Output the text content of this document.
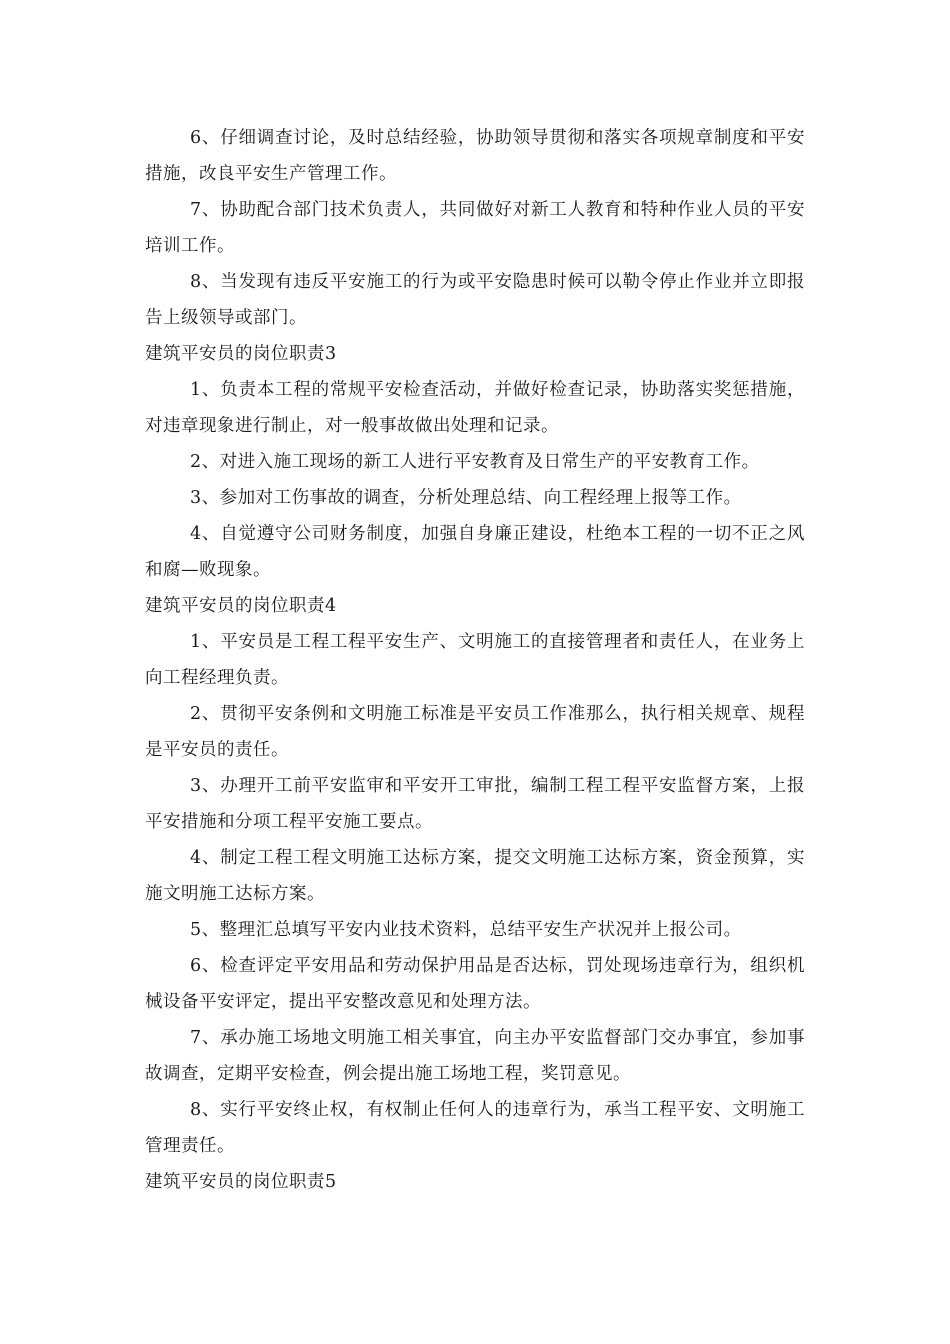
6、仔细调查讨论，及时总结经验，协助领导贯彻和落实各项规章制度和平安措施，改良平安生产管理工作。

7、协助配合部门技术负责人，共同做好对新工人教育和特种作业人员的平安培训工作。

8、当发现有违反平安施工的行为或平安隐患时候可以勒令停止作业并立即报告上级领导或部门。

建筑平安员的岗位职责3

1、负责本工程的常规平安检查活动，并做好检查记录，协助落实奖惩措施，对违章现象进行制止，对一般事故做出处理和记录。

2、对进入施工现场的新工人进行平安教育及日常生产的平安教育工作。

3、参加对工伤事故的调查，分析处理总结、向工程经理上报等工作。

4、自觉遵守公司财务制度，加强自身廉正建设，杜绝本工程的一切不正之风和腐—败现象。

建筑平安员的岗位职责4

1、平安员是工程工程平安生产、文明施工的直接管理者和责任人，在业务上向工程经理负责。

2、贯彻平安条例和文明施工标准是平安员工作准那么，执行相关规章、规程是平安员的责任。

3、办理开工前平安监审和平安开工审批，编制工程工程平安监督方案，上报平安措施和分项工程平安施工要点。

4、制定工程工程文明施工达标方案，提交文明施工达标方案，资金预算，实施文明施工达标方案。

5、整理汇总填写平安内业技术资料，总结平安生产状况并上报公司。

6、检查评定平安用品和劳动保护用品是否达标，罚处现场违章行为，组织机械设备平安评定，提出平安整改意见和处理方法。

7、承办施工场地文明施工相关事宜，向主办平安监督部门交办事宜，参加事故调查，定期平安检查，例会提出施工场地工程，奖罚意见。

8、实行平安终止权，有权制止任何人的违章行为，承当工程平安、文明施工管理责任。

建筑平安员的岗位职责5
